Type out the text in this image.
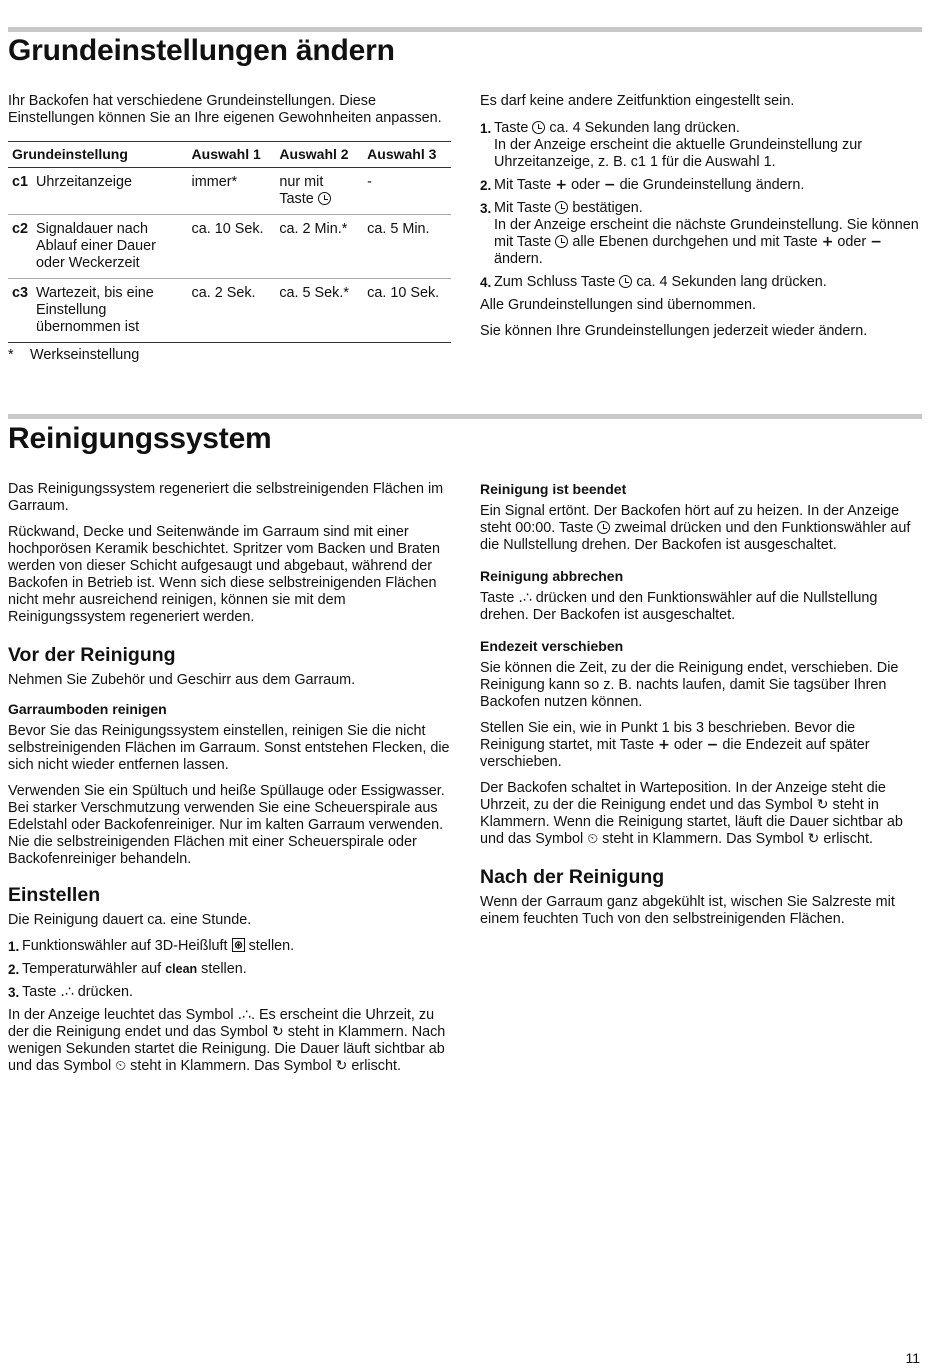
Grundeinstellungen ändern

Ihr Backofen hat verschiedene Grundeinstellungen. Diese Einstellungen können Sie an Ihre eigenen Gewohnheiten anpassen.

Grundeinstellung		Auswahl 1	Auswahl 2	Auswahl 3
c1	Uhrzeitanzeige	immer*	nur mit Taste	-
c2	Signaldauer nach Ablauf einer Dauer oder Weckerzeit	ca. 10 Sek.	ca. 2 Min.*	ca. 5 Min.
c3	Wartezeit, bis eine Einstellung übernommen ist	ca. 2 Sek.	ca. 5 Sek.*	ca. 10 Sek.
*	Werkseinstellung

Es darf keine andere Zeitfunktion eingestellt sein.

1. Taste ca. 4 Sekunden lang drücken.
In der Anzeige erscheint die aktuelle Grundeinstellung zur Uhrzeitanzeige, z. B. c1 1 für die Auswahl 1.
2. Mit Taste + oder − die Grundeinstellung ändern.
3. Mit Taste bestätigen.
In der Anzeige erscheint die nächste Grundeinstellung. Sie können mit Taste alle Ebenen durchgehen und mit Taste + oder − ändern.
4. Zum Schluss Taste ca. 4 Sekunden lang drücken.

Alle Grundeinstellungen sind übernommen.

Sie können Ihre Grundeinstellungen jederzeit wieder ändern.

Reinigungssystem

Das Reinigungssystem regeneriert die selbstreinigenden Flächen im Garraum.

Rückwand, Decke und Seitenwände im Garraum sind mit einer hochporösen Keramik beschichtet. Spritzer vom Backen und Braten werden von dieser Schicht aufgesaugt und abgebaut, während der Backofen in Betrieb ist. Wenn sich diese selbstreinigenden Flächen nicht mehr ausreichend reinigen, können sie mit dem Reinigungssystem regeneriert werden.

Vor der Reinigung

Nehmen Sie Zubehör und Geschirr aus dem Garraum.

Garraumboden reinigen

Bevor Sie das Reinigungssystem einstellen, reinigen Sie die nicht selbstreinigenden Flächen im Garraum. Sonst entstehen Flecken, die sich nicht wieder entfernen lassen.

Verwenden Sie ein Spültuch und heiße Spüllauge oder Essigwasser. Bei starker Verschmutzung verwenden Sie eine Scheuerspirale aus Edelstahl oder Backofenreiniger. Nur im kalten Garraum verwenden. Nie die selbstreinigenden Flächen mit einer Scheuerspirale oder Backofenreiniger behandeln.

Einstellen

Die Reinigung dauert ca. eine Stunde.

1. Funktionswähler auf 3D-Heißluft stellen.
2. Temperaturwähler auf clean stellen.
3. Taste .∴ drücken.

In der Anzeige leuchtet das Symbol .∴. Es erscheint die Uhrzeit, zu der die Reinigung endet und das Symbol ↻ steht in Klammern. Nach wenigen Sekunden startet die Reinigung. Die Dauer läuft sichtbar ab und das Symbol ⏲ steht in Klammern. Das Symbol ↻ erlischt.

Reinigung ist beendet

Ein Signal ertönt. Der Backofen hört auf zu heizen. In der Anzeige steht 00:00. Taste zweimal drücken und den Funktionswähler auf die Nullstellung drehen. Der Backofen ist ausgeschaltet.

Reinigung abbrechen

Taste .∴ drücken und den Funktionswähler auf die Nullstellung drehen. Der Backofen ist ausgeschaltet.

Endezeit verschieben

Sie können die Zeit, zu der die Reinigung endet, verschieben. Die Reinigung kann so z. B. nachts laufen, damit Sie tagsüber Ihren Backofen nutzen können.

Stellen Sie ein, wie in Punkt 1 bis 3 beschrieben. Bevor die Reinigung startet, mit Taste + oder − die Endezeit auf später verschieben.

Der Backofen schaltet in Warteposition. In der Anzeige steht die Uhrzeit, zu der die Reinigung endet und das Symbol ↻ steht in Klammern. Wenn die Reinigung startet, läuft die Dauer sichtbar ab und das Symbol ⏲ steht in Klammern. Das Symbol ↻ erlischt.

Nach der Reinigung

Wenn der Garraum ganz abgekühlt ist, wischen Sie Salzreste mit einem feuchten Tuch von den selbstreinigenden Flächen.

11
